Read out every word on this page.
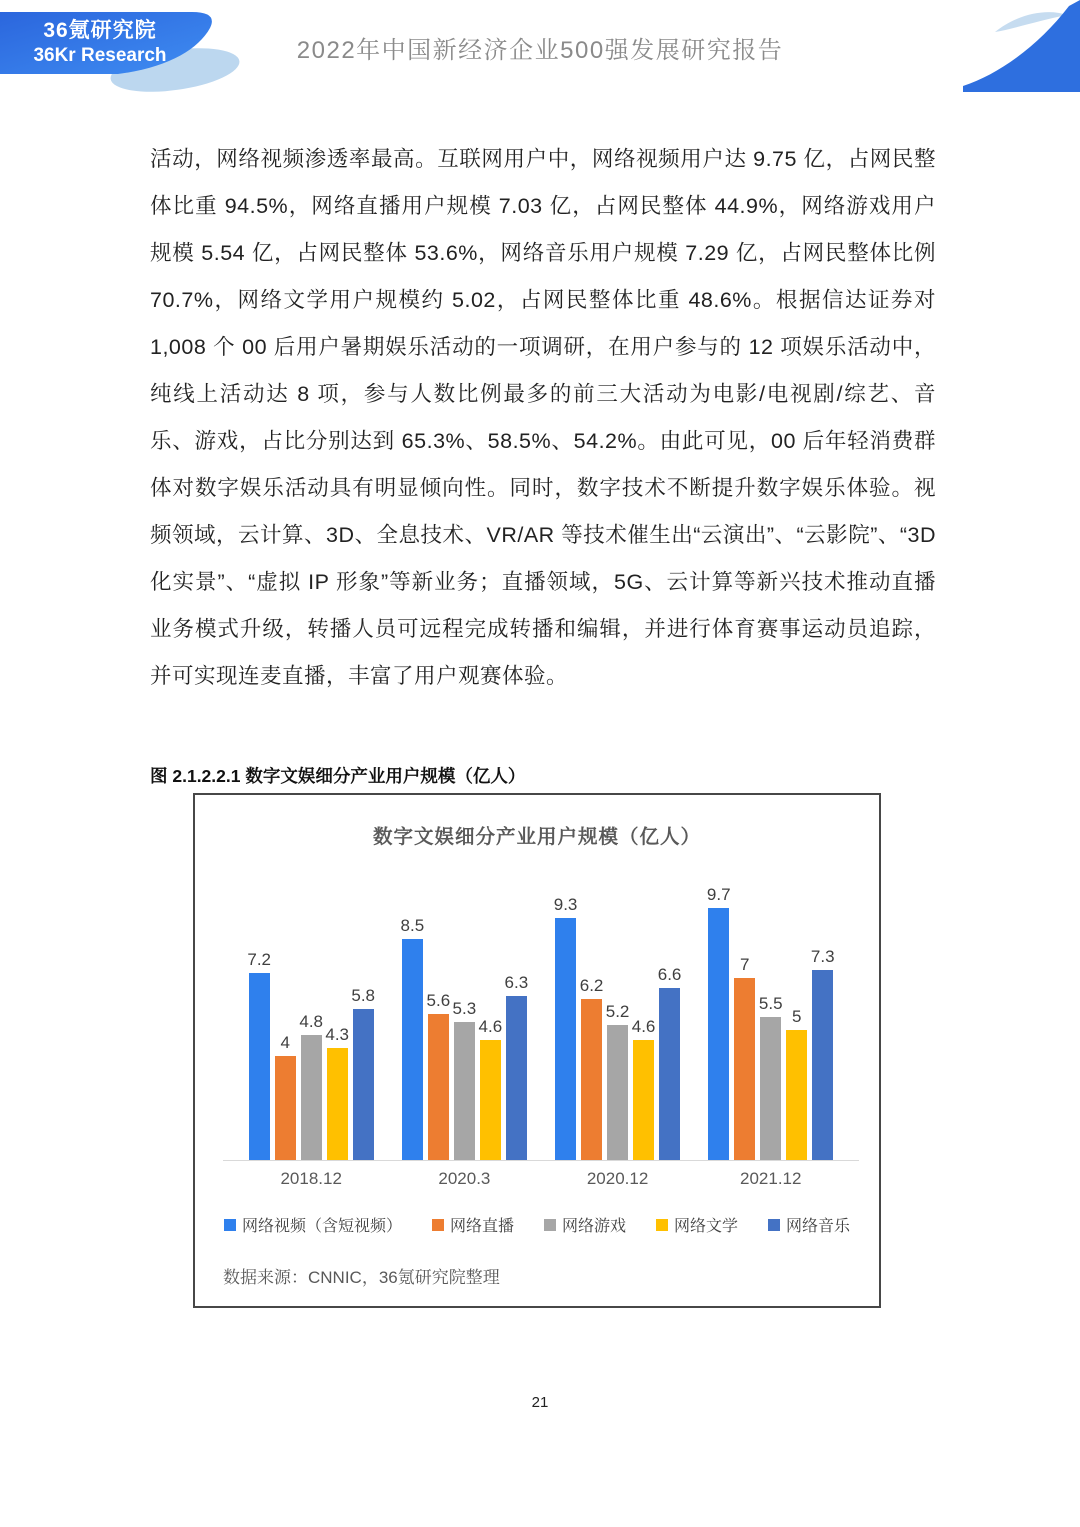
36氪研究院
36Kr Research	2022年中国新经济企业500强发展研究报告
活动，网络视频渗透率最高。互联网用户中，网络视频用户达 9.75 亿，占网民整体比重 94.5%，网络直播用户规模 7.03 亿，占网民整体 44.9%，网络游戏用户规模 5.54 亿，占网民整体 53.6%，网络音乐用户规模 7.29 亿，占网民整体比例 70.7%，网络文学用户规模约 5.02，占网民整体比重 48.6%。根据信达证券对 1,008 个 00 后用户暑期娱乐活动的一项调研，在用户参与的 12 项娱乐活动中，纯线上活动达 8 项，参与人数比例最多的前三大活动为电影/电视剧/综艺、音乐、游戏，占比分别达到 65.3%、58.5%、54.2%。由此可见，00 后年轻消费群体对数字娱乐活动具有明显倾向性。同时，数字技术不断提升数字娱乐体验。视频领域，云计算、3D、全息技术、VR/AR 等技术催生出“云演出”、“云影院”、“3D 化实景”、“虚拟 IP 形象”等新业务；直播领域，5G、云计算等新兴技术推动直播业务模式升级，转播人员可远程完成转播和编辑，并进行体育赛事运动员追踪，并可实现连麦直播，丰富了用户观赛体验。
图 2.1.2.2.1 数字文娱细分产业用户规模（亿人）
数字文娱细分产业用户规模（亿人）
7.2
4
4.8
4.3
5.8
8.5
5.6 5.3
4.6
6.3
9.3
6.2
5.2
4.6
6.6
9.7
7
5.5
5
7.3
2018.12	2020.3	2020.12	2021.12
网络视频（含短视频）	网络直播	网络游戏	网络文学	网络音乐
数据来源：CNNIC，36氪研究院整理
21
